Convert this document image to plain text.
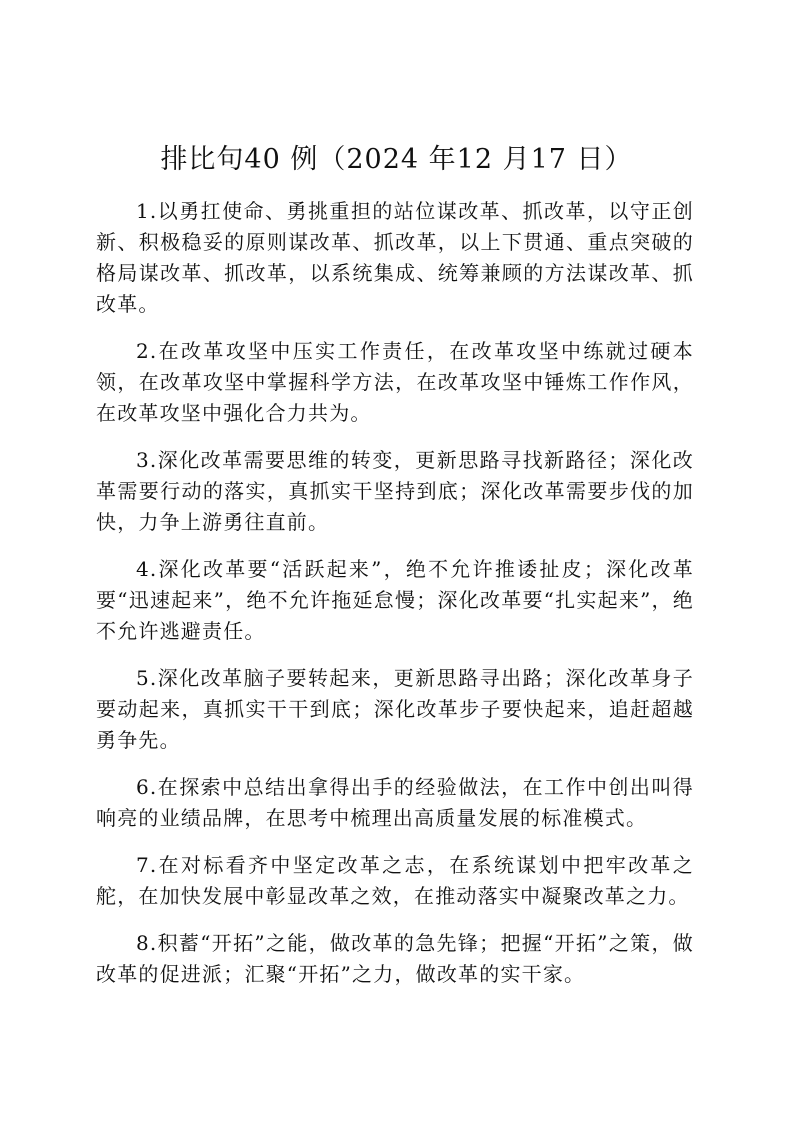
排比句40 例（2024 年12 月17 日）

1.以勇扛使命、勇挑重担的站位谋改革、抓改革，以守正创新、积极稳妥的原则谋改革、抓改革，以上下贯通、重点突破的格局谋改革、抓改革，以系统集成、统筹兼顾的方法谋改革、抓改革。

2.在改革攻坚中压实工作责任，在改革攻坚中练就过硬本领，在改革攻坚中掌握科学方法，在改革攻坚中锤炼工作作风，在改革攻坚中强化合力共为。

3.深化改革需要思维的转变，更新思路寻找新路径；深化改革需要行动的落实，真抓实干坚持到底；深化改革需要步伐的加快，力争上游勇往直前。

4.深化改革要“活跃起来”，绝不允许推诿扯皮；深化改革要“迅速起来”，绝不允许拖延怠慢；深化改革要“扎实起来”，绝不允许逃避责任。

5.深化改革脑子要转起来，更新思路寻出路；深化改革身子要动起来，真抓实干干到底；深化改革步子要快起来，追赶超越勇争先。

6.在探索中总结出拿得出手的经验做法，在工作中创出叫得响亮的业绩品牌，在思考中梳理出高质量发展的标准模式。

7.在对标看齐中坚定改革之志，在系统谋划中把牢改革之舵，在加快发展中彰显改革之效，在推动落实中凝聚改革之力。

8.积蓄“开拓”之能，做改革的急先锋；把握“开拓”之策，做改革的促进派；汇聚“开拓”之力，做改革的实干家。
